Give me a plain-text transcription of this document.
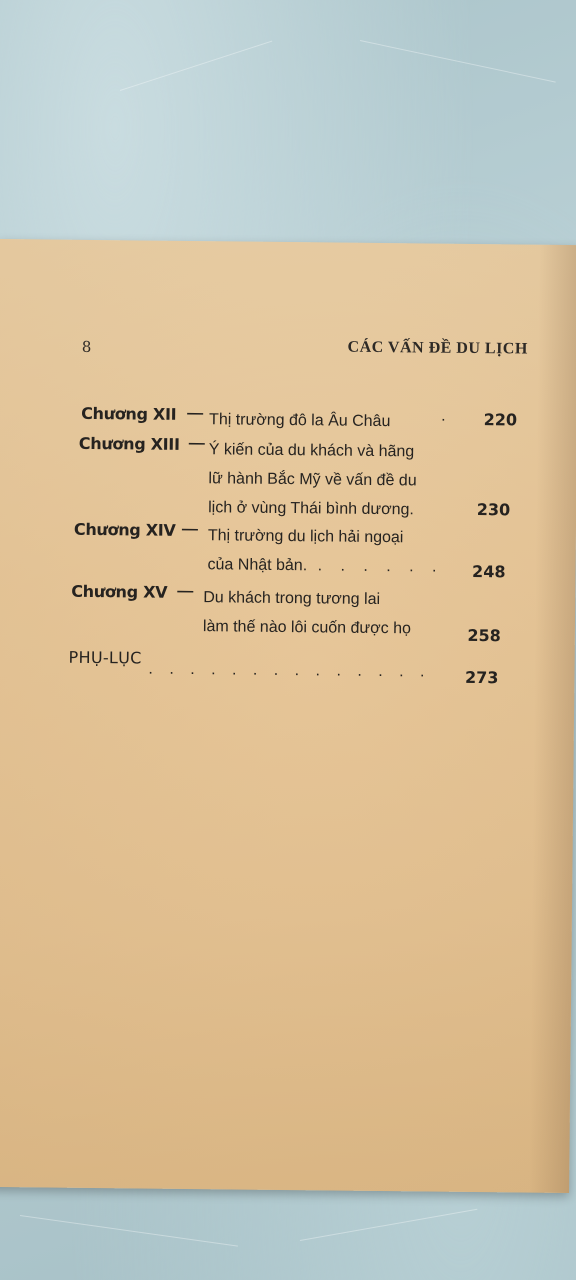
8	CÁC VẤN ĐỀ DU LỊCH
Chương XII — Thị trường đô la Âu Châu	. 220
Chương XIII — Ý kiến của du khách và hãng
lữ hành Bắc Mỹ về vấn đề du
lịch ở vùng Thái bình dương.	230
Chương XIV — Thị trường du lịch hải ngoại
của Nhật bản. . . . . . . 248
Chương XV — Du khách trong tương lai
làm thế nào lôi cuốn được họ	258
PHỤ-LỤC
. . . . . . . . . . . . . . 273
